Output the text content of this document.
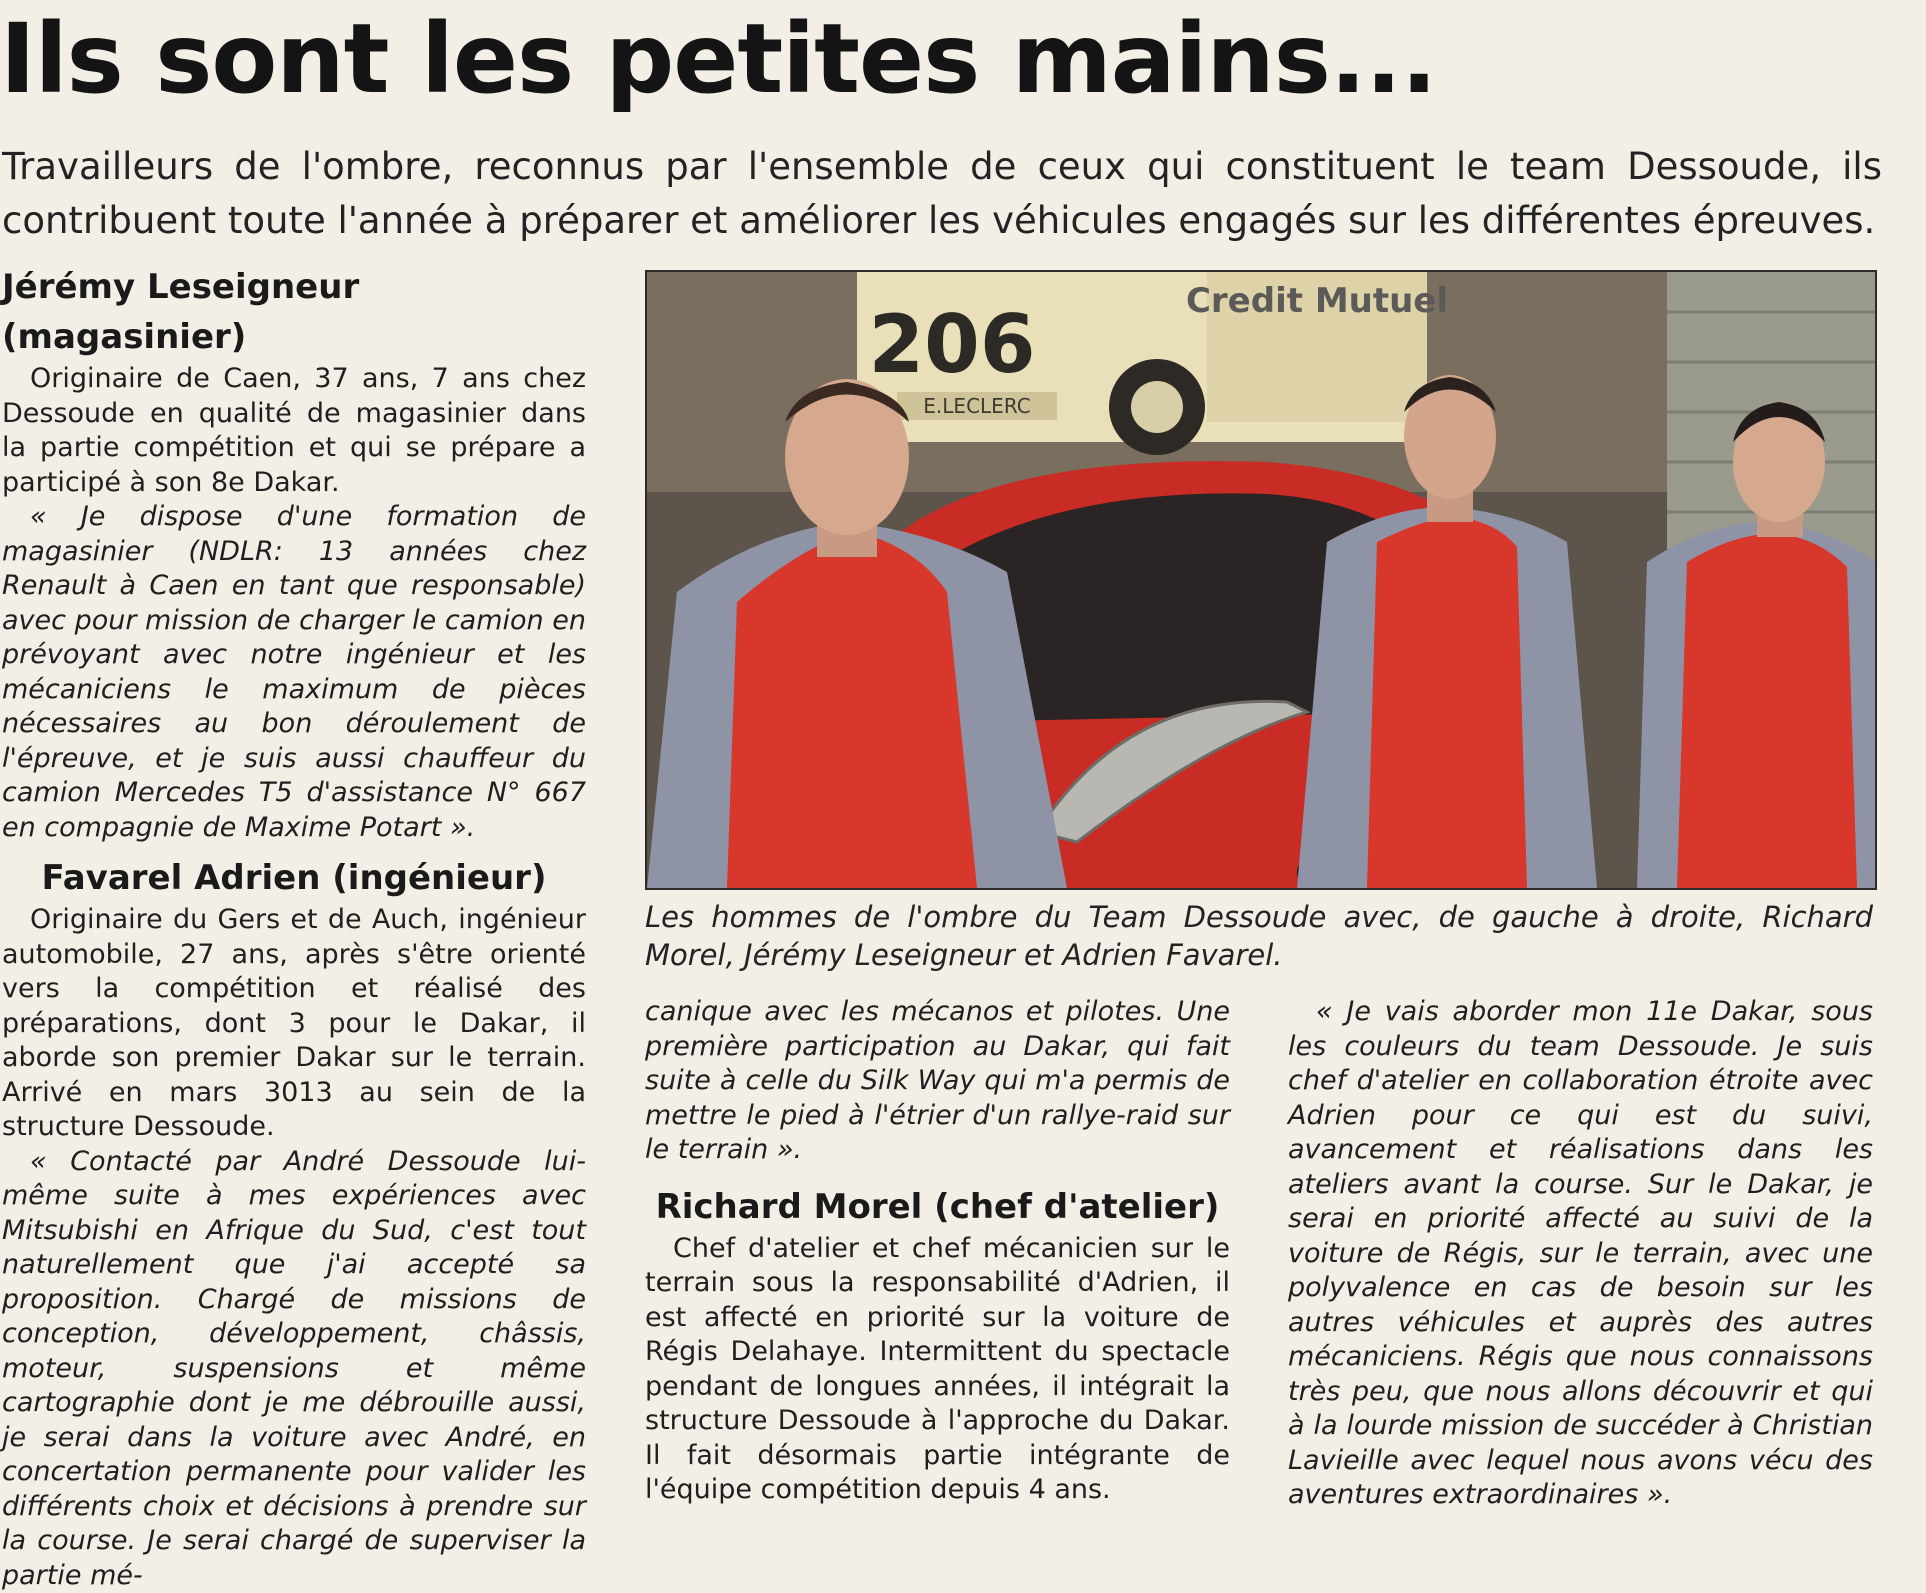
Ils sont les petites mains...
Travailleurs de l'ombre, reconnus par l'ensemble de ceux qui constituent le team Dessoude, ils contribuent toute l'année à préparer et améliorer les véhicules engagés sur les différentes épreuves.
Jérémy Leseigneur (magasinier)

Originaire de Caen, 37 ans, 7 ans chez Dessoude en qualité de magasinier dans la partie compétition et qui se prépare a participé à son 8e Dakar.

« Je dispose d'une formation de magasinier (NDLR: 13 années chez Renault à Caen en tant que responsable) avec pour mission de charger le camion en prévoyant avec notre ingénieur et les mécaniciens le maximum de pièces nécessaires au bon déroulement de l'épreuve, et je suis aussi chauffeur du camion Mercedes T5 d'assistance N° 667 en compagnie de Maxime Potart ».

Favarel Adrien (ingénieur)

Originaire du Gers et de Auch, ingénieur automobile, 27 ans, après s'être orienté vers la compétition et réalisé des préparations, dont 3 pour le Dakar, il aborde son premier Dakar sur le terrain. Arrivé en mars 3013 au sein de la structure Dessoude.

« Contacté par André Dessoude lui-même suite à mes expériences avec Mitsubishi en Afrique du Sud, c'est tout naturellement que j'ai accepté sa proposition. Chargé de missions de conception, développement, châssis, moteur, suspensions et même cartographie dont je me débrouille aussi, je serai dans la voiture avec André, en concertation permanente pour valider les différents choix et décisions à prendre sur la course. Je serai chargé de superviser la partie mé-

E.LECLERC
206	Credit Mutuel
Les hommes de l'ombre du Team Dessoude avec, de gauche à droite, Richard Morel, Jérémy Leseigneur et Adrien Favarel.

canique avec les mécanos et pilotes. Une première participation au Dakar, qui fait suite à celle du Silk Way qui m'a permis de mettre le pied à l'étrier d'un rallye-raid sur le terrain ».

Richard Morel (chef d'atelier)

Chef d'atelier et chef mécanicien sur le terrain sous la responsabilité d'Adrien, il est affecté en priorité sur la voiture de Régis Delahaye. Intermittent du spectacle pendant de longues années, il intégrait la structure Dessoude à l'approche du Dakar. Il fait désormais partie intégrante de l'équipe compétition depuis 4 ans.

« Je vais aborder mon 11e Dakar, sous les couleurs du team Dessoude. Je suis chef d'atelier en collaboration étroite avec Adrien pour ce qui est du suivi, avancement et réalisations dans les ateliers avant la course. Sur le Dakar, je serai en priorité affecté au suivi de la voiture de Régis, sur le terrain, avec une polyvalence en cas de besoin sur les autres véhicules et auprès des autres mécaniciens. Régis que nous connaissons très peu, que nous allons découvrir et qui à la lourde mission de succéder à Christian Lavieille avec lequel nous avons vécu des aventures extraordinaires ».
